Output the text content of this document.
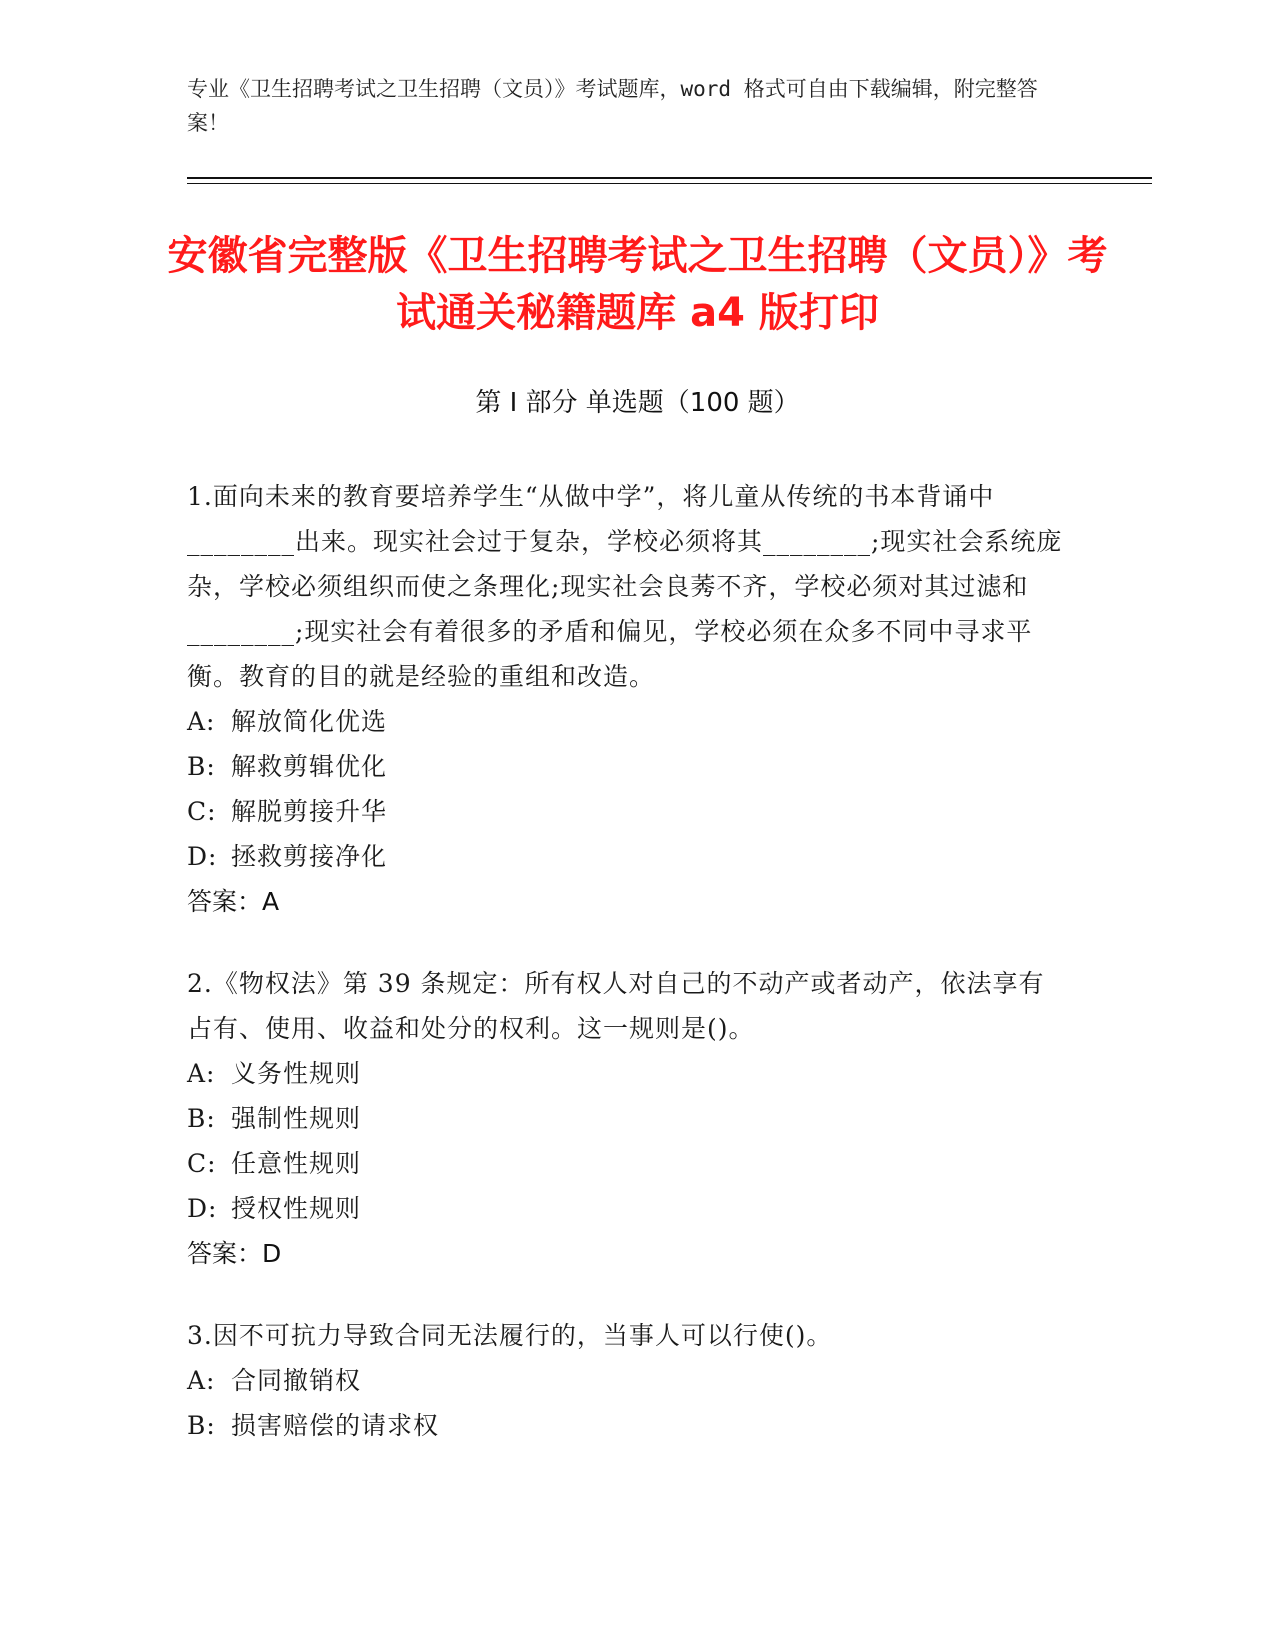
专业《卫生招聘考试之卫生招聘（文员）》考试题库，word 格式可自由下载编辑，附完整答案！
安徽省完整版《卫生招聘考试之卫生招聘（文员）》考试通关秘籍题库 a4 版打印
第 I 部分 单选题（100 题）
1.面向未来的教育要培养学生“从做中学”，将儿童从传统的书本背诵中________出来。现实社会过于复杂，学校必须将其________;现实社会系统庞杂，学校必须组织而使之条理化;现实社会良莠不齐，学校必须对其过滤和________;现实社会有着很多的矛盾和偏见，学校必须在众多不同中寻求平衡。教育的目的就是经验的重组和改造。
A: 解放简化优选
B: 解救剪辑优化
C: 解脱剪接升华
D: 拯救剪接净化
答案：A
2.《物权法》第 39 条规定：所有权人对自己的不动产或者动产，依法享有占有、使用、收益和处分的权利。这一规则是()。
A: 义务性规则
B: 强制性规则
C: 任意性规则
D: 授权性规则
答案：D
3.因不可抗力导致合同无法履行的，当事人可以行使()。
A: 合同撤销权
B: 损害赔偿的请求权
